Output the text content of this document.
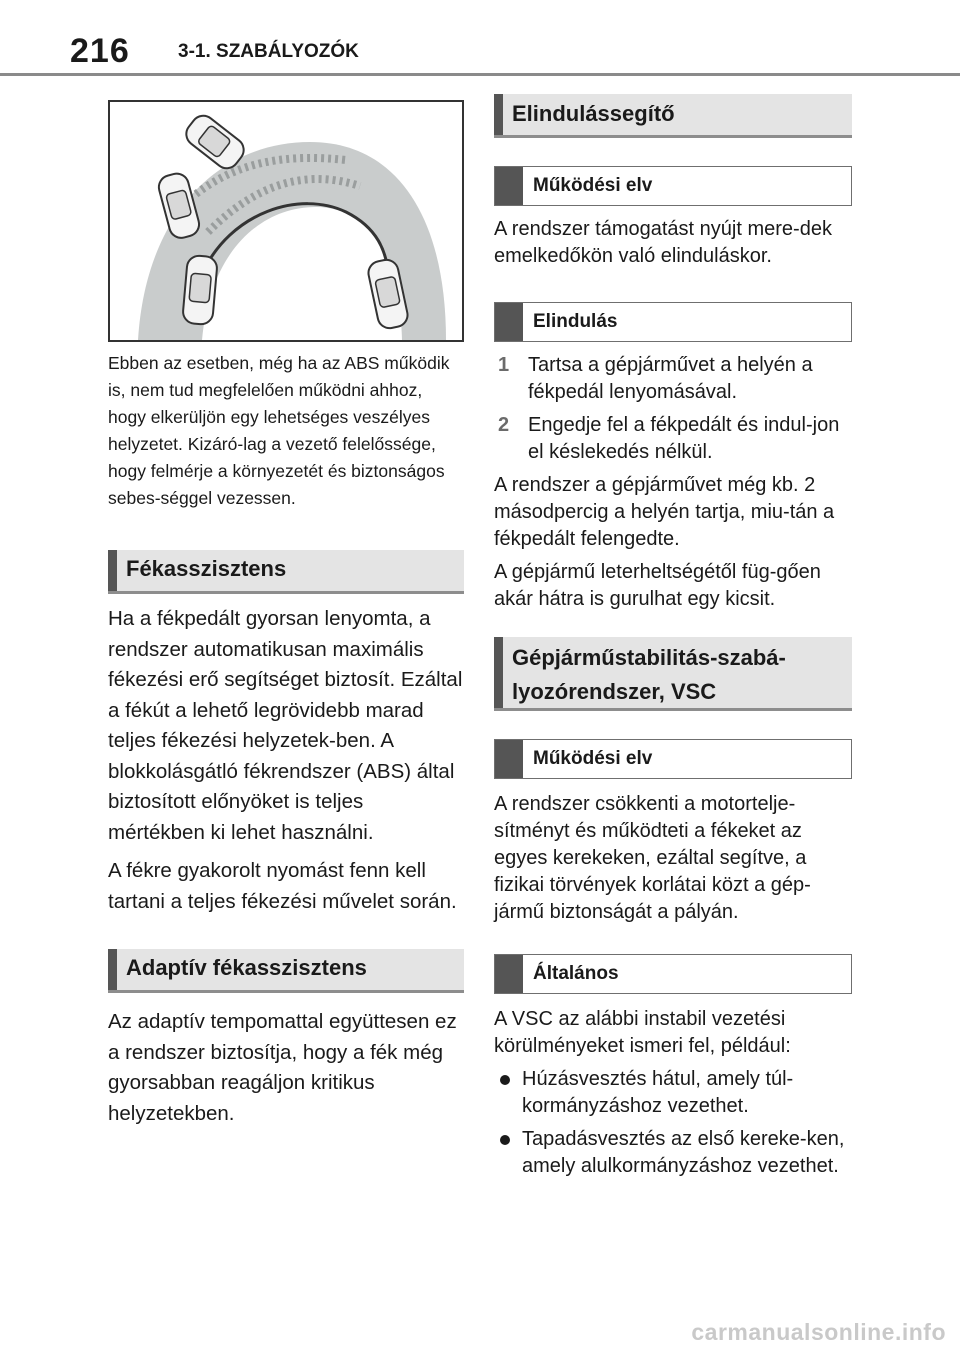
216	3-1. SZABÁLYOZÓK
Ebben az esetben, még ha az ABS működik is, nem tud megfelelően működni ahhoz, hogy elkerüljön egy lehetséges veszélyes helyzetet. Kizáró-lag a vezető felelőssége, hogy felmérje a környezetét és biztonságos sebes-séggel vezessen.
Fékasszisztens

Ha a fékpedált gyorsan lenyomta, a rendszer automatikusan maximális fékezési erő segítséget biztosít. Ezáltal a fékút a lehető legrövidebb marad teljes fékezési helyzetek-ben. A blokkolásgátló fékrendszer (ABS) által biztosított előnyöket is teljes mértékben ki lehet használni.

A fékre gyakorolt nyomást fenn kell tartani a teljes fékezési művelet során.

Adaptív fékasszisztens

Az adaptív tempomattal együttesen ez a rendszer biztosítja, hogy a fék még gyorsabban reagáljon kritikus helyzetekben.

Elindulássegítő
Működési elv

A rendszer támogatást nyújt mere-dek emelkedőkön való elinduláskor.

Elindulás
1 Tartsa a gépjárművet a helyén a fékpedál lenyomásával.
2 Engedje fel a fékpedált és indul-jon el késlekedés nélkül.

A rendszer a gépjárművet még kb. 2 másodpercig a helyén tartja, miu-tán a fékpedált felengedte.

A gépjármű leterheltségétől füg-gően akár hátra is gurulhat egy kicsit.

Gépjárműstabilitás-szabá-
lyozórendszer, VSC
Működési elv

A rendszer csökkenti a motortelje-sítményt és működteti a fékeket az egyes kerekeken, ezáltal segítve, a fizikai törvények korlátai közt a gép-jármű biztonságát a pályán.

Általános

A VSC az alábbi instabil vezetési körülményeket ismeri fel, például:

Húzásvesztés hátul, amely túl-kormányzáshoz vezethet.
Tapadásvesztés az első kereke-ken, amely alulkormányzáshoz vezethet.
carmanualsonline.info
